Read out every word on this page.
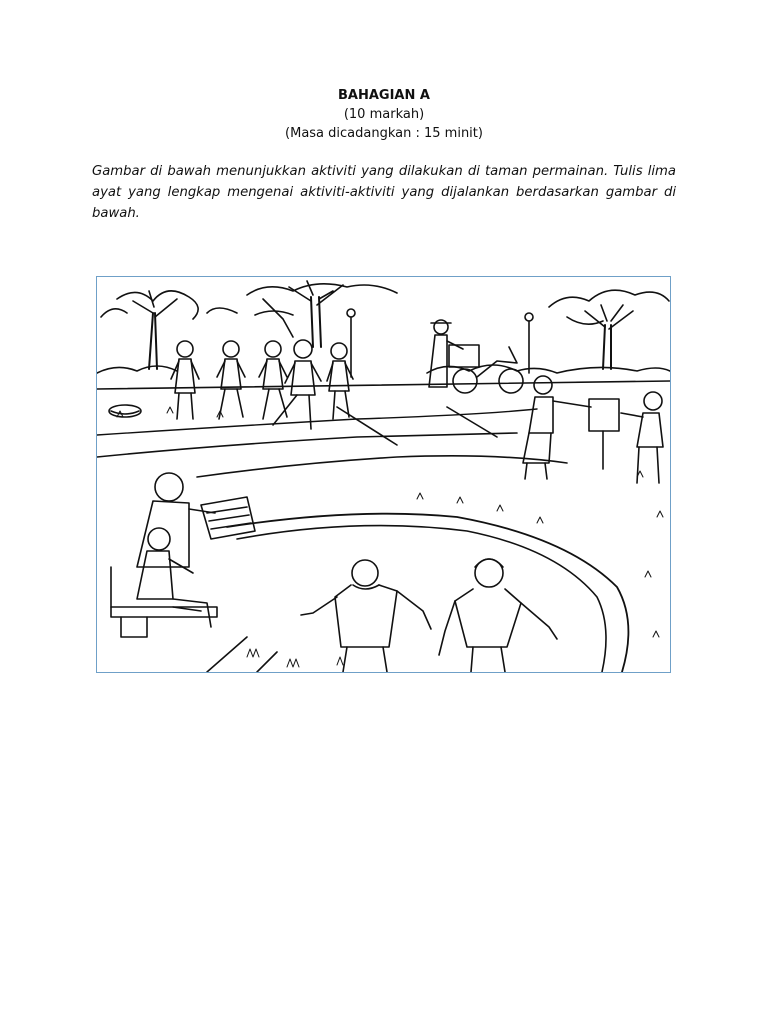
BAHAGIAN A
(10 markah)
(Masa dicadangkan : 15 minit)
Gambar di bawah menunjukkan aktiviti yang dilakukan di taman permainan. Tulis lima ayat yang lengkap mengenai aktiviti-aktiviti yang dijalankan berdasarkan gambar di bawah.
